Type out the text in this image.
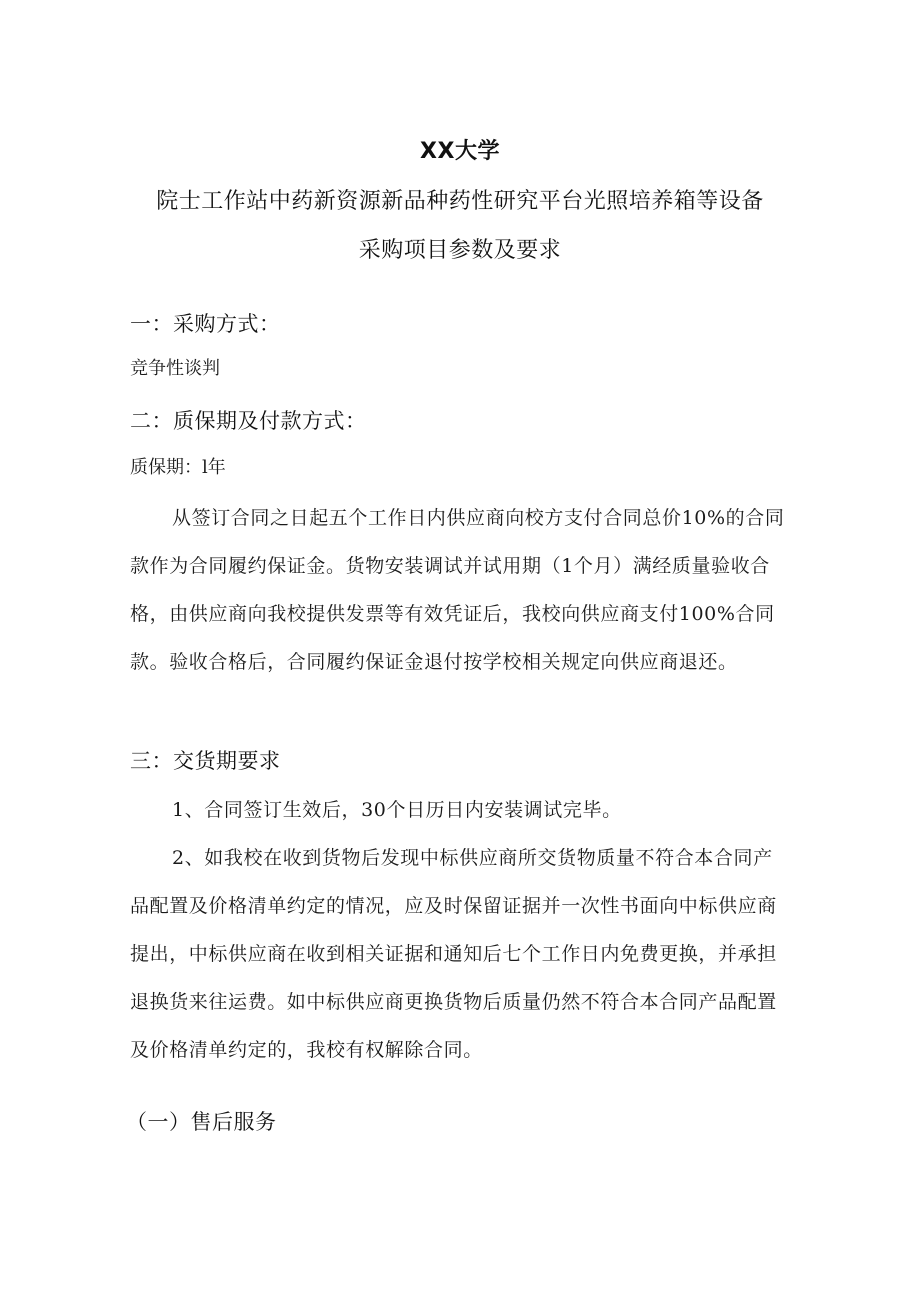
XX大学
院士工作站中药新资源新品种药性研究平台光照培养箱等设备
采购项目参数及要求
一：采购方式：
竞争性谈判
二：质保期及付款方式：
质保期：l年

从签订合同之日起五个工作日内供应商向校方支付合同总价10%的合同款作为合同履约保证金。货物安装调试并试用期（1个月）满经质量验收合格，由供应商向我校提供发票等有效凭证后，我校向供应商支付100%合同款。验收合格后，合同履约保证金退付按学校相关规定向供应商退还。

三：交货期要求

1、合同签订生效后，30个日历日内安装调试完毕。

2、如我校在收到货物后发现中标供应商所交货物质量不符合本合同产品配置及价格清单约定的情况，应及时保留证据并一次性书面向中标供应商提出，中标供应商在收到相关证据和通知后七个工作日内免费更换，并承担退换货来往运费。如中标供应商更换货物后质量仍然不符合本合同产品配置及价格清单约定的，我校有权解除合同。

（一）售后服务
